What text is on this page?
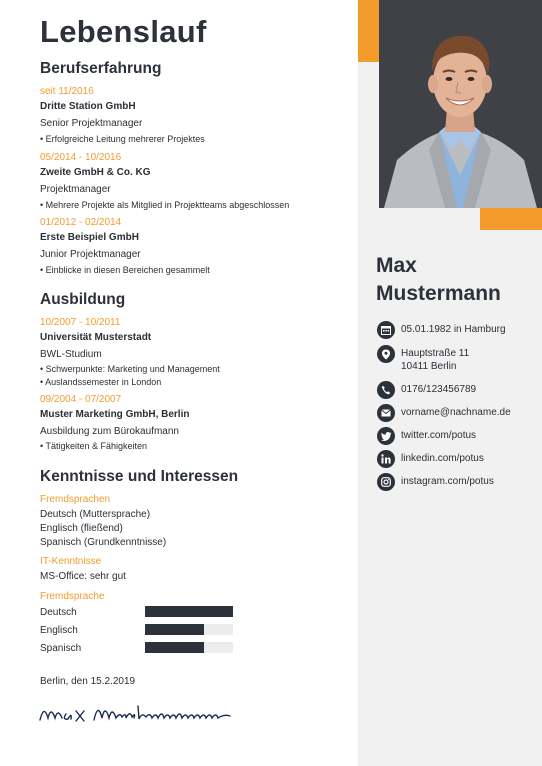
Lebenslauf
Berufserfahrung
seit 11/2016
Dritte Station GmbH
Senior Projektmanager
• Erfolgreiche Leitung mehrerer Projektes
05/2014 - 10/2016
Zweite GmbH & Co. KG
Projektmanager
• Mehrere Projekte als Mitglied in Projektteams abgeschlossen
01/2012 - 02/2014
Erste Beispiel GmbH
Junior Projektmanager
• Einblicke in diesen Bereichen gesammelt
Ausbildung
10/2007 - 10/2011
Universität Musterstadt
BWL-Studium
• Schwerpunkte: Marketing und Management
• Auslandssemester in London
09/2004 - 07/2007
Muster Marketing GmbH, Berlin
Ausbildung zum Bürokaufmann
• Tätigkeiten & Fähigkeiten
Kenntnisse und Interessen
Fremdsprachen
Deutsch (Muttersprache)
Englisch (fließend)
Spanisch (Grundkenntnisse)
IT-Kenntnisse
MS-Office: sehr gut
Fremdsprache
Deutsch
Englisch
Spanisch
Berlin, den 15.2.2019
Max
Mustermann
05.01.1982 in Hamburg
Hauptstraße 11
10411 Berlin
0176/123456789
vorname@nachname.de
twitter.com/potus
linkedin.com/potus
instagram.com/potus
